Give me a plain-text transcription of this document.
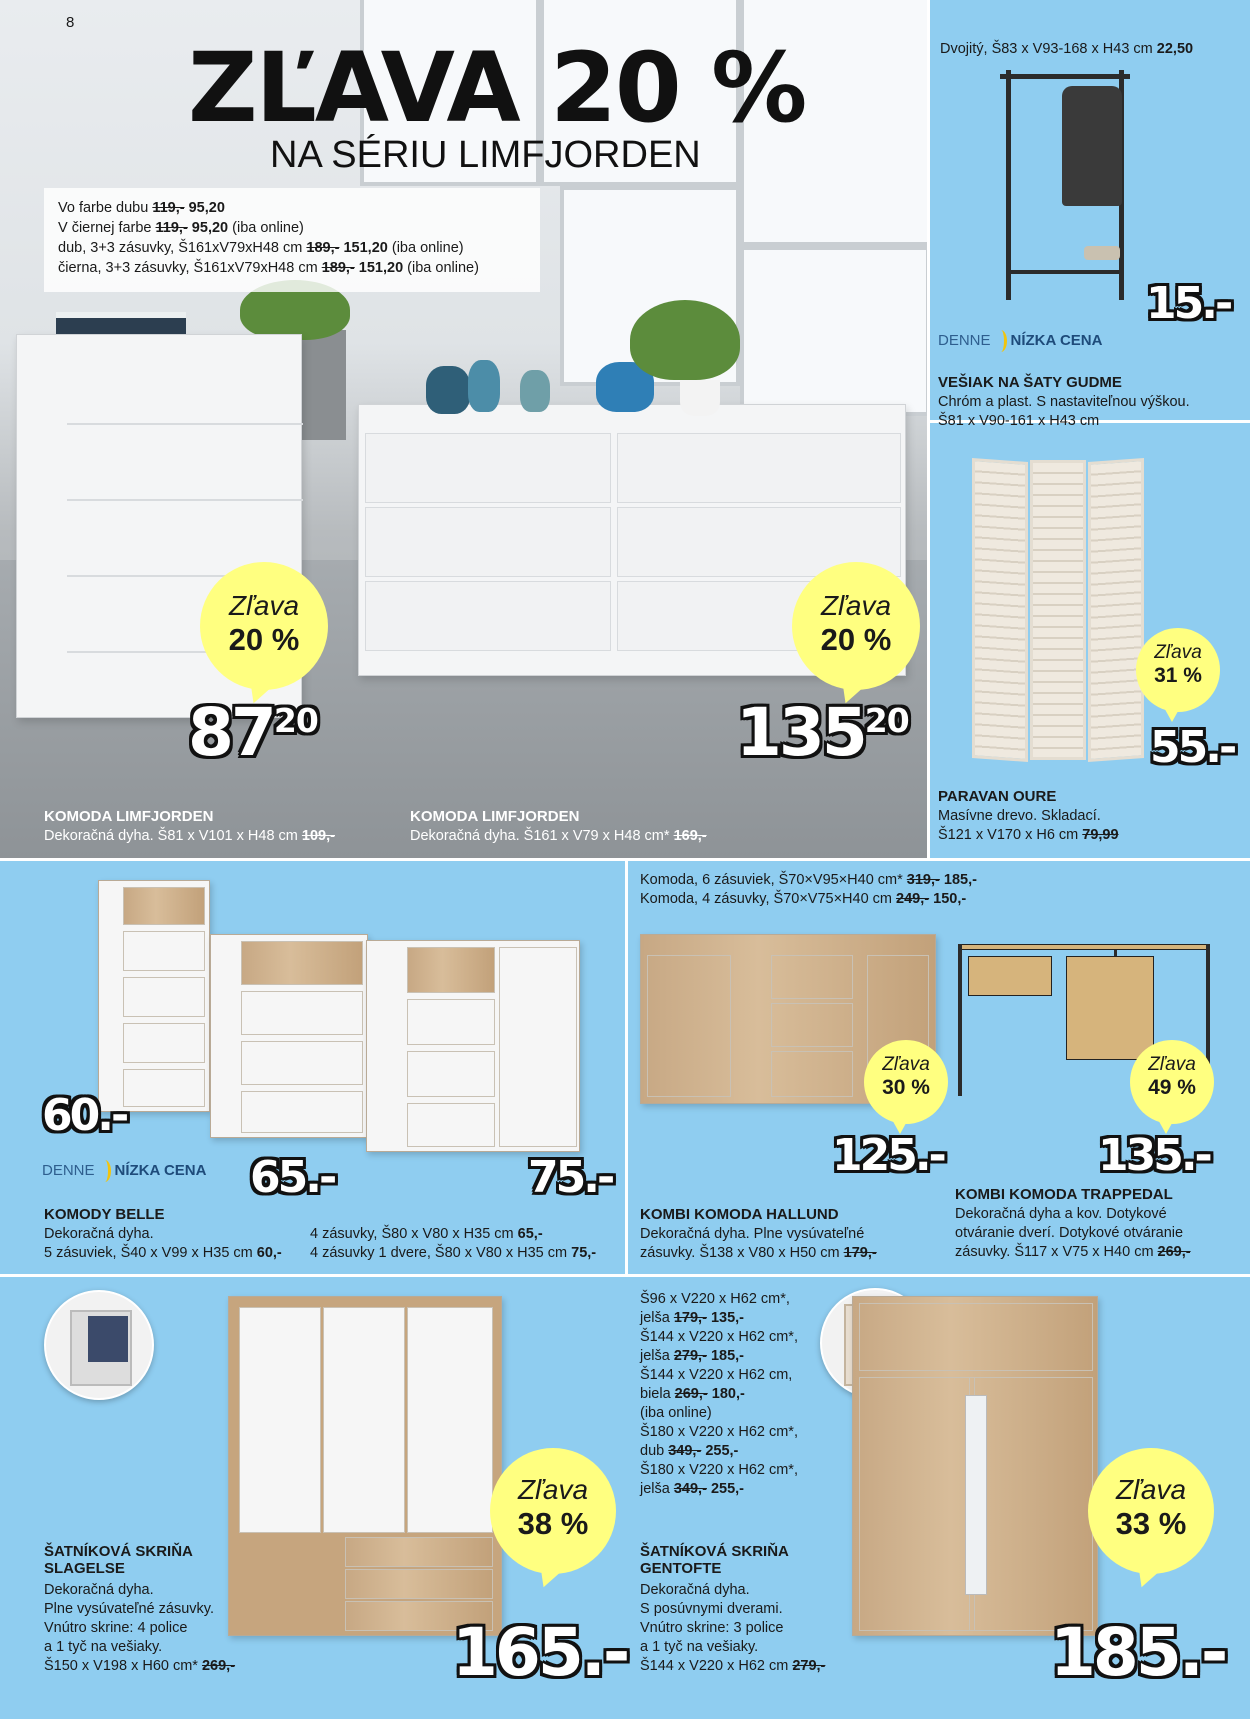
8
ZĽAVA 20 %
NA SÉRIU LIMFJORDEN
Vo farbe dubu 119,- 95,20
V čiernej farbe 119,- 95,20 (iba online)
dub, 3+3 zásuvky, Š161xV79xH48 cm 189,- 151,20 (iba online)
čierna, 3+3 zásuvky, Š161xV79xH48 cm 189,- 151,20 (iba online)
Zľava
20 %
$87^{20}$
KOMODA LIMFJORDEN
Dekoračná dyha. Š81 x V101 x H48 cm 109,-
Zľava
20 %
$135^{20}$
KOMODA LIMFJORDEN
Dekoračná dyha. Š161 x V79 x H48 cm* 169,-
Dvojitý, Š83 x V93-168 x H43 cm 22,50
15.-
DENNE NÍZKA CENA
VEŠIAK NA ŠATY GUDME
Chróm a plast. S nastaviteľnou výškou.
Š81 x V90-161 x H43 cm
Zľava
31 %
55.-
PARAVAN OURE
Masívne drevo. Skladací.
Š121 x V170 x H6 cm 79,99
60.-
DENNE NÍZKA CENA 65.-	75.-
KOMODY BELLE
Dekoračná dyha.
5 zásuviek, Š40 x V99 x H35 cm 60,-
4 zásuvky, Š80 x V80 x H35 cm 65,-
4 zásuvky 1 dvere, Š80 x V80 x H35 cm 75,-
Komoda, 6 zásuviek, Š70×V95×H40 cm* 319,- 185,-
Komoda, 4 zásuvky, Š70×V75×H40 cm 249,- 150,-
Zľava
30 %
125.-
KOMBI KOMODA HALLUND
Dekoračná dyha. Plne vysúvateľné
zásuvky. Š138 x V80 x H50 cm 179,-
Zľava
49 %
135.-
KOMBI KOMODA TRAPPEDAL
Dekoračná dyha a kov. Dotykové
otváranie dverí. Dotykové otváranie
zásuvky. Š117 x V75 x H40 cm 269,-
Zľava
38 %
165.-
ŠATNÍKOVÁ SKRIŇA
SLAGELSE
Dekoračná dyha.
Plne vysúvateľné zásuvky.
Vnútro skrine: 4 police
a 1 tyč na vešiaky.
Š150 x V198 x H60 cm* 269,-
Š96 x V220 x H62 cm*,
jelša 179,- 135,-
Š144 x V220 x H62 cm*,
jelša 279,- 185,-
Š144 x V220 x H62 cm,
biela 269,- 180,-
(iba online)
Š180 x V220 x H62 cm*,
dub 349,- 255,-
Š180 x V220 x H62 cm*,
jelša 349,- 255,-	Zľava
33 %
185.-
ŠATNÍKOVÁ SKRIŇA
GENTOFTE
Dekoračná dyha.
S posúvnymi dverami.
Vnútro skrine: 3 police
a 1 tyč na vešiaky.
Š144 x V220 x H62 cm 279,-
